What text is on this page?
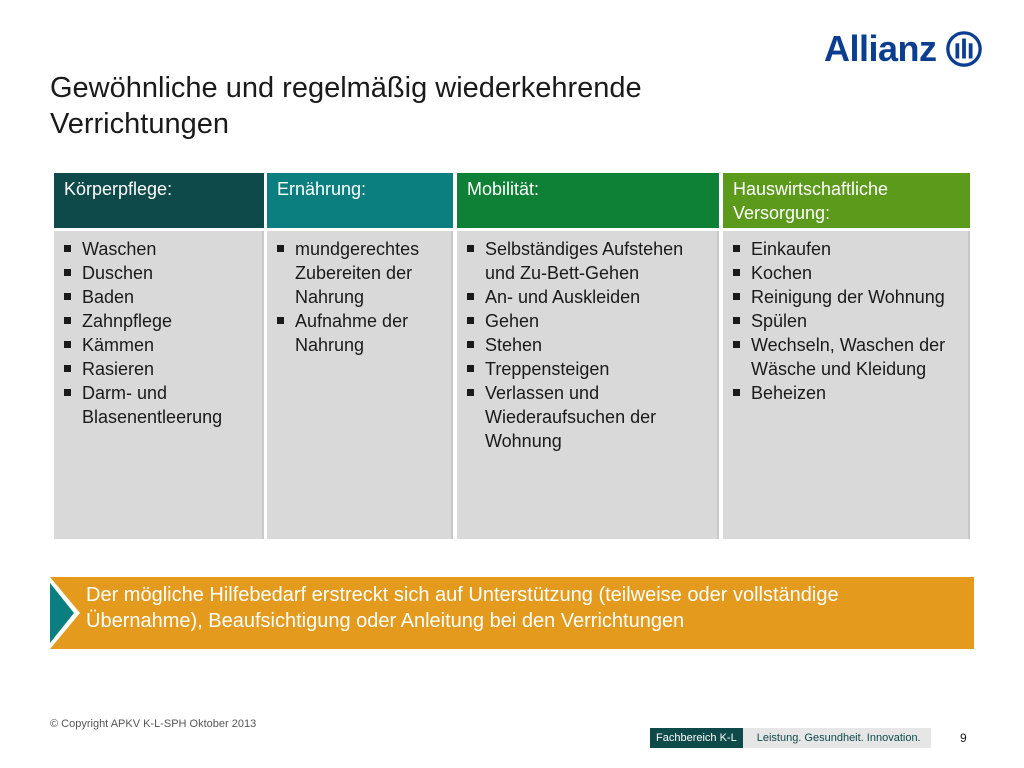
Allianz
Gewöhnliche und regelmäßig wiederkehrende Verrichtungen
Körperpflege:
Waschen
Duschen
Baden
Zahnpflege
Kämmen
Rasieren
Darm- und Blasenentleerung
Ernährung:
mundgerechtes Zubereiten der Nahrung
Aufnahme der Nahrung
Mobilität:
Selbständiges Aufstehen und Zu-Bett-Gehen
An- und Auskleiden
Gehen
Stehen
Treppensteigen
Verlassen und Wiederaufsuchen der Wohnung
Hauswirtschaftliche Versorgung:
Einkaufen
Kochen
Reinigung der Wohnung
Spülen
Wechseln, Waschen der Wäsche und Kleidung
Beheizen
Der mögliche Hilfebedarf erstreckt sich auf Unterstützung (teilweise oder vollständige Übernahme), Beaufsichtigung oder Anleitung bei den Verrichtungen
© Copyright APKV K-L-SPH Oktober 2013
Fachbereich K-L	Leistung. Gesundheit. Innovation.	9
